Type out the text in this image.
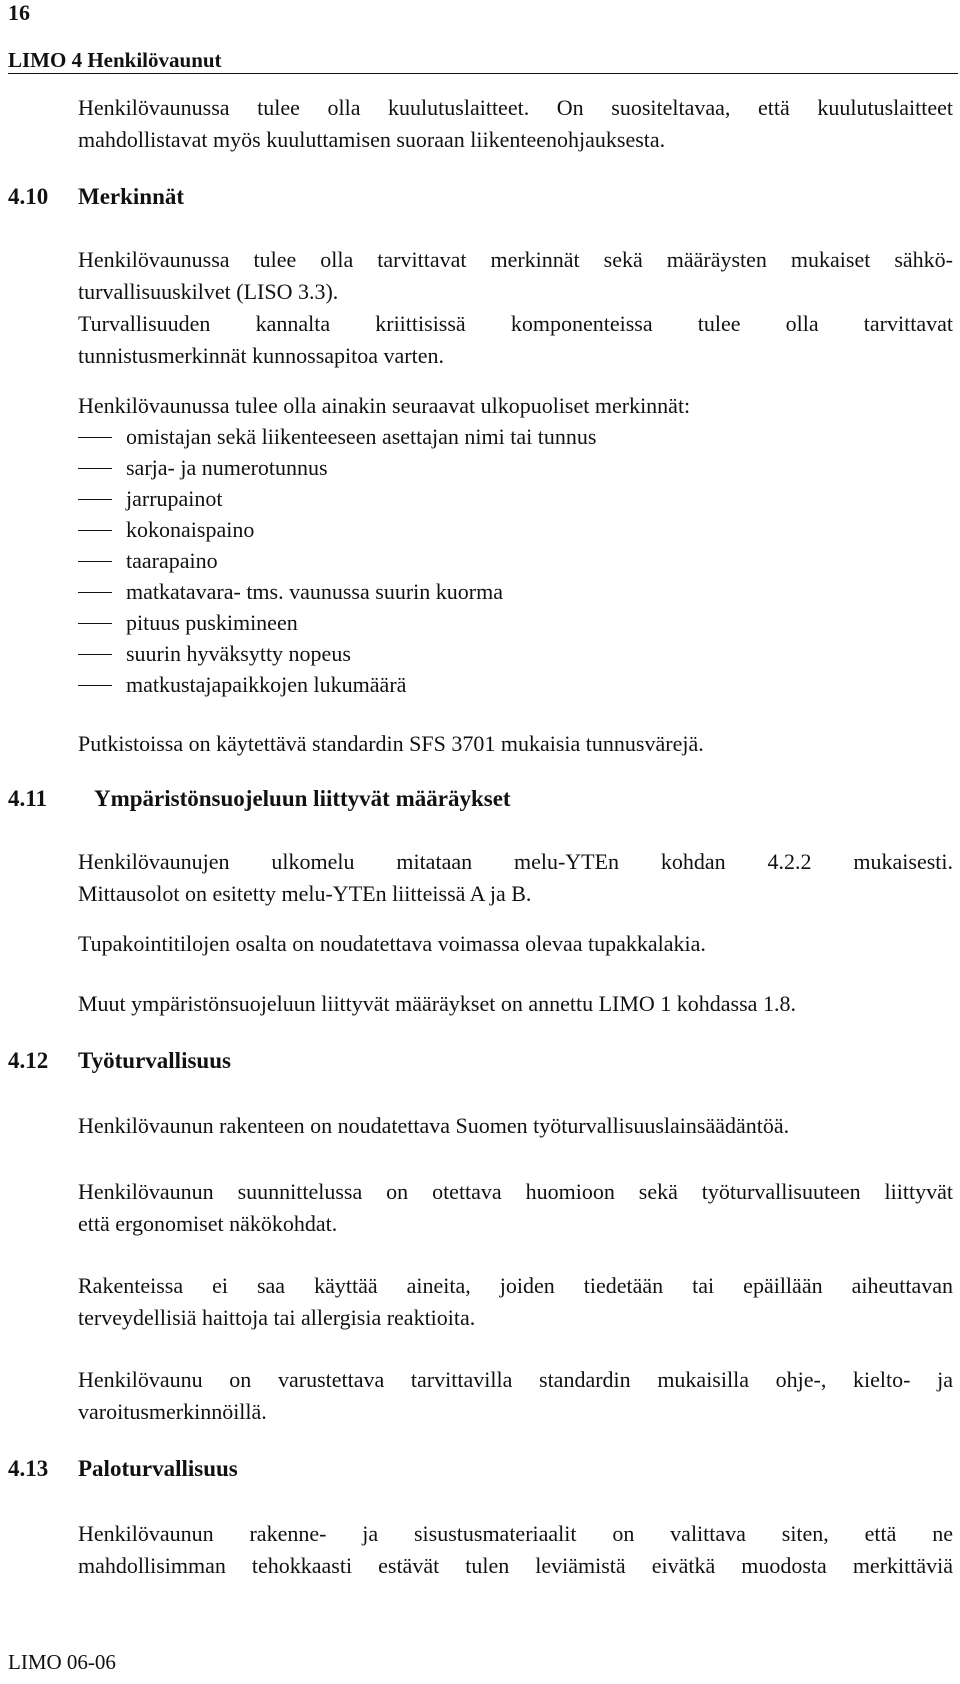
16
LIMO 4 Henkilövaunut
Henkilövaunussa tulee olla kuulutuslaitteet. On suositeltavaa, että kuulutuslaitteet
mahdollistavat myös kuuluttamisen suoraan liikenteenohjauksesta.
4.10 Merkinnät
Henkilövaunussa tulee olla tarvittavat merkinnät sekä määräysten mukaiset sähkö-
turvallisuuskilvet (LISO 3.3).
Turvallisuuden kannalta kriittisissä komponenteissa tulee olla tarvittavat
tunnistusmerkinnät kunnossapitoa varten.
Henkilövaunussa tulee olla ainakin seuraavat ulkopuoliset merkinnät:
omistajan sekä liikenteeseen asettajan nimi tai tunnus
sarja- ja numerotunnus
jarrupainot
kokonaispaino
taarapaino
matkatavara- tms. vaunussa suurin kuorma
pituus puskimineen
suurin hyväksytty nopeus
matkustajapaikkojen lukumäärä
Putkistoissa on käytettävä standardin SFS 3701 mukaisia tunnusvärejä.
4.11 Ympäristönsuojeluun liittyvät määräykset
Henkilövaunujen ulkomelu mitataan melu-YTEn kohdan 4.2.2 mukaisesti.
Mittausolot on esitetty melu-YTEn liitteissä A ja B.
Tupakointitilojen osalta on noudatettava voimassa olevaa tupakkalakia.
Muut ympäristönsuojeluun liittyvät määräykset on annettu LIMO 1 kohdassa 1.8.
4.12 Työturvallisuus
Henkilövaunun rakenteen on noudatettava Suomen työturvallisuuslainsäädäntöä.
Henkilövaunun suunnittelussa on otettava huomioon sekä työturvallisuuteen liittyvät
että ergonomiset näkökohdat.
Rakenteissa ei saa käyttää aineita, joiden tiedetään tai epäillään aiheuttavan
terveydellisiä haittoja tai allergisia reaktioita.
Henkilövaunu on varustettava tarvittavilla standardin mukaisilla ohje-, kielto- ja
varoitusmerkinnöillä.
4.13 Paloturvallisuus
Henkilövaunun rakenne- ja sisustusmateriaalit on valittava siten, että ne
mahdollisimman tehokkaasti estävät tulen leviämistä eivätkä muodosta merkittäviä
LIMO 06-06
